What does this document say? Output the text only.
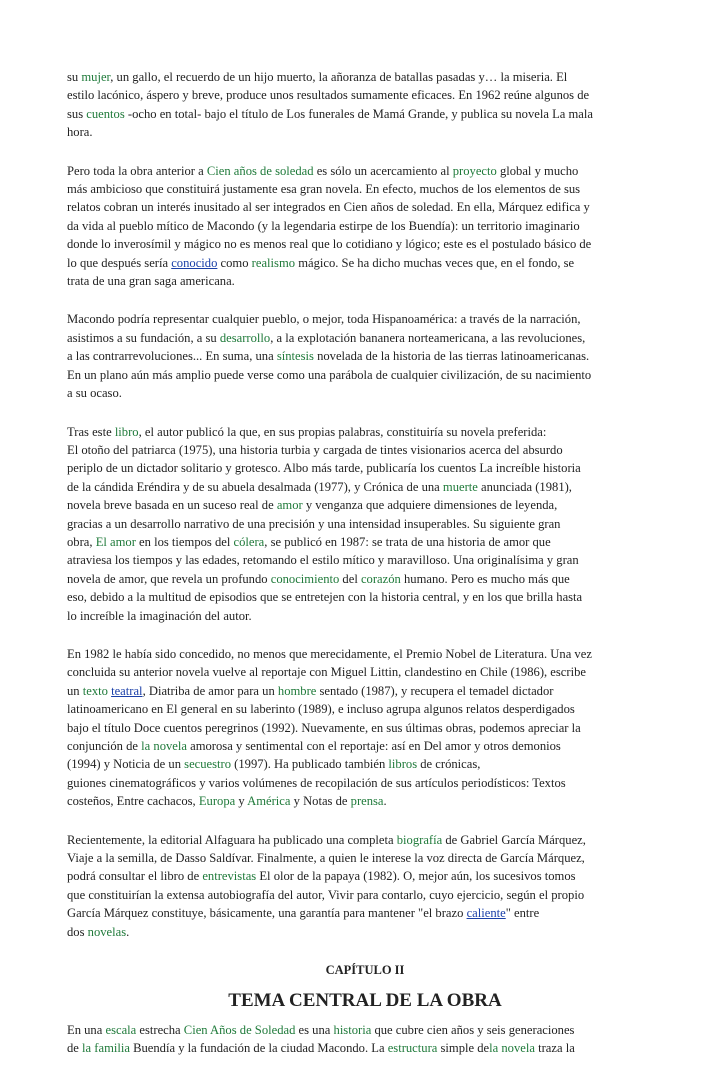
su mujer, un gallo, el recuerdo de un hijo muerto, la añoranza de batallas pasadas y… la miseria. El
estilo lacónico, áspero y breve, produce unos resultados sumamente eficaces. En 1962 reúne algunos de
sus cuentos -ocho en total- bajo el título de Los funerales de Mamá Grande, y publica su novela La mala
hora.

Pero toda la obra anterior a Cien años de soledad es sólo un acercamiento al proyecto global y mucho
más ambicioso que constituirá justamente esa gran novela. En efecto, muchos de los elementos de sus
relatos cobran un interés inusitado al ser integrados en Cien años de soledad. En ella, Márquez edifica y
da vida al pueblo mítico de Macondo (y la legendaria estirpe de los Buendía): un territorio imaginario
donde lo inverosímil y mágico no es menos real que lo cotidiano y lógico; este es el postulado básico de
lo que después sería conocido como realismo mágico. Se ha dicho muchas veces que, en el fondo, se
trata de una gran saga americana.

Macondo podría representar cualquier pueblo, o mejor, toda Hispanoamérica: a través de la narración,
asistimos a su fundación, a su desarrollo, a la explotación bananera norteamericana, a las revoluciones,
a las contrarrevoluciones... En suma, una síntesis novelada de la historia de las tierras latinoamericanas.
En un plano aún más amplio puede verse como una parábola de cualquier civilización, de su nacimiento
a su ocaso.

Tras este libro, el autor publicó la que, en sus propias palabras, constituiría su novela preferida:
El otoño del patriarca (1975), una historia turbia y cargada de tintes visionarios acerca del absurdo
periplo de un dictador solitario y grotesco. Albo más tarde, publicaría los cuentos La increíble historia
de la cándida Eréndira y de su abuela desalmada (1977), y Crónica de una muerte anunciada (1981),
novela breve basada en un suceso real de amor y venganza que adquiere dimensiones de leyenda,
gracias a un desarrollo narrativo de una precisión y una intensidad insuperables. Su siguiente gran
obra, El amor en los tiempos del cólera, se publicó en 1987: se trata de una historia de amor que
atraviesa los tiempos y las edades, retomando el estilo mítico y maravilloso. Una originalísima y gran
novela de amor, que revela un profundo conocimiento del corazón humano. Pero es mucho más que
eso, debido a la multitud de episodios que se entretejen con la historia central, y en los que brilla hasta
lo increíble la imaginación del autor.

En 1982 le había sido concedido, no menos que merecidamente, el Premio Nobel de Literatura. Una vez
concluida su anterior novela vuelve al reportaje con Miguel Littin, clandestino en Chile (1986), escribe
un texto teatral, Diatriba de amor para un hombre sentado (1987), y recupera el temadel dictador
latinoamericano en El general en su laberinto (1989), e incluso agrupa algunos relatos desperdigados
bajo el título Doce cuentos peregrinos (1992). Nuevamente, en sus últimas obras, podemos apreciar la
conjunción de la novela amorosa y sentimental con el reportaje: así en Del amor y otros demonios
(1994) y Noticia de un secuestro (1997). Ha publicado también libros de crónicas,
guiones cinematográficos y varios volúmenes de recopilación de sus artículos periodísticos: Textos
costeños, Entre cachacos, Europa y América y Notas de prensa.

Recientemente, la editorial Alfaguara ha publicado una completa biografía de Gabriel García Márquez,
Viaje a la semilla, de Dasso Saldívar. Finalmente, a quien le interese la voz directa de García Márquez,
podrá consultar el libro de entrevistas El olor de la papaya (1982). O, mejor aún, los sucesivos tomos
que constituirían la extensa autobiografía del autor, Vivir para contarlo, cuyo ejercicio, según el propio
García Márquez constituye, básicamente, una garantía para mantener "el brazo caliente" entre
dos novelas.

CAPÍTULO II
TEMA CENTRAL DE LA OBRA

En una escala estrecha Cien Años de Soledad es una historia que cubre cien años y seis generaciones
de la familia Buendía y la fundación de la ciudad Macondo. La estructura simple dela novela traza la
